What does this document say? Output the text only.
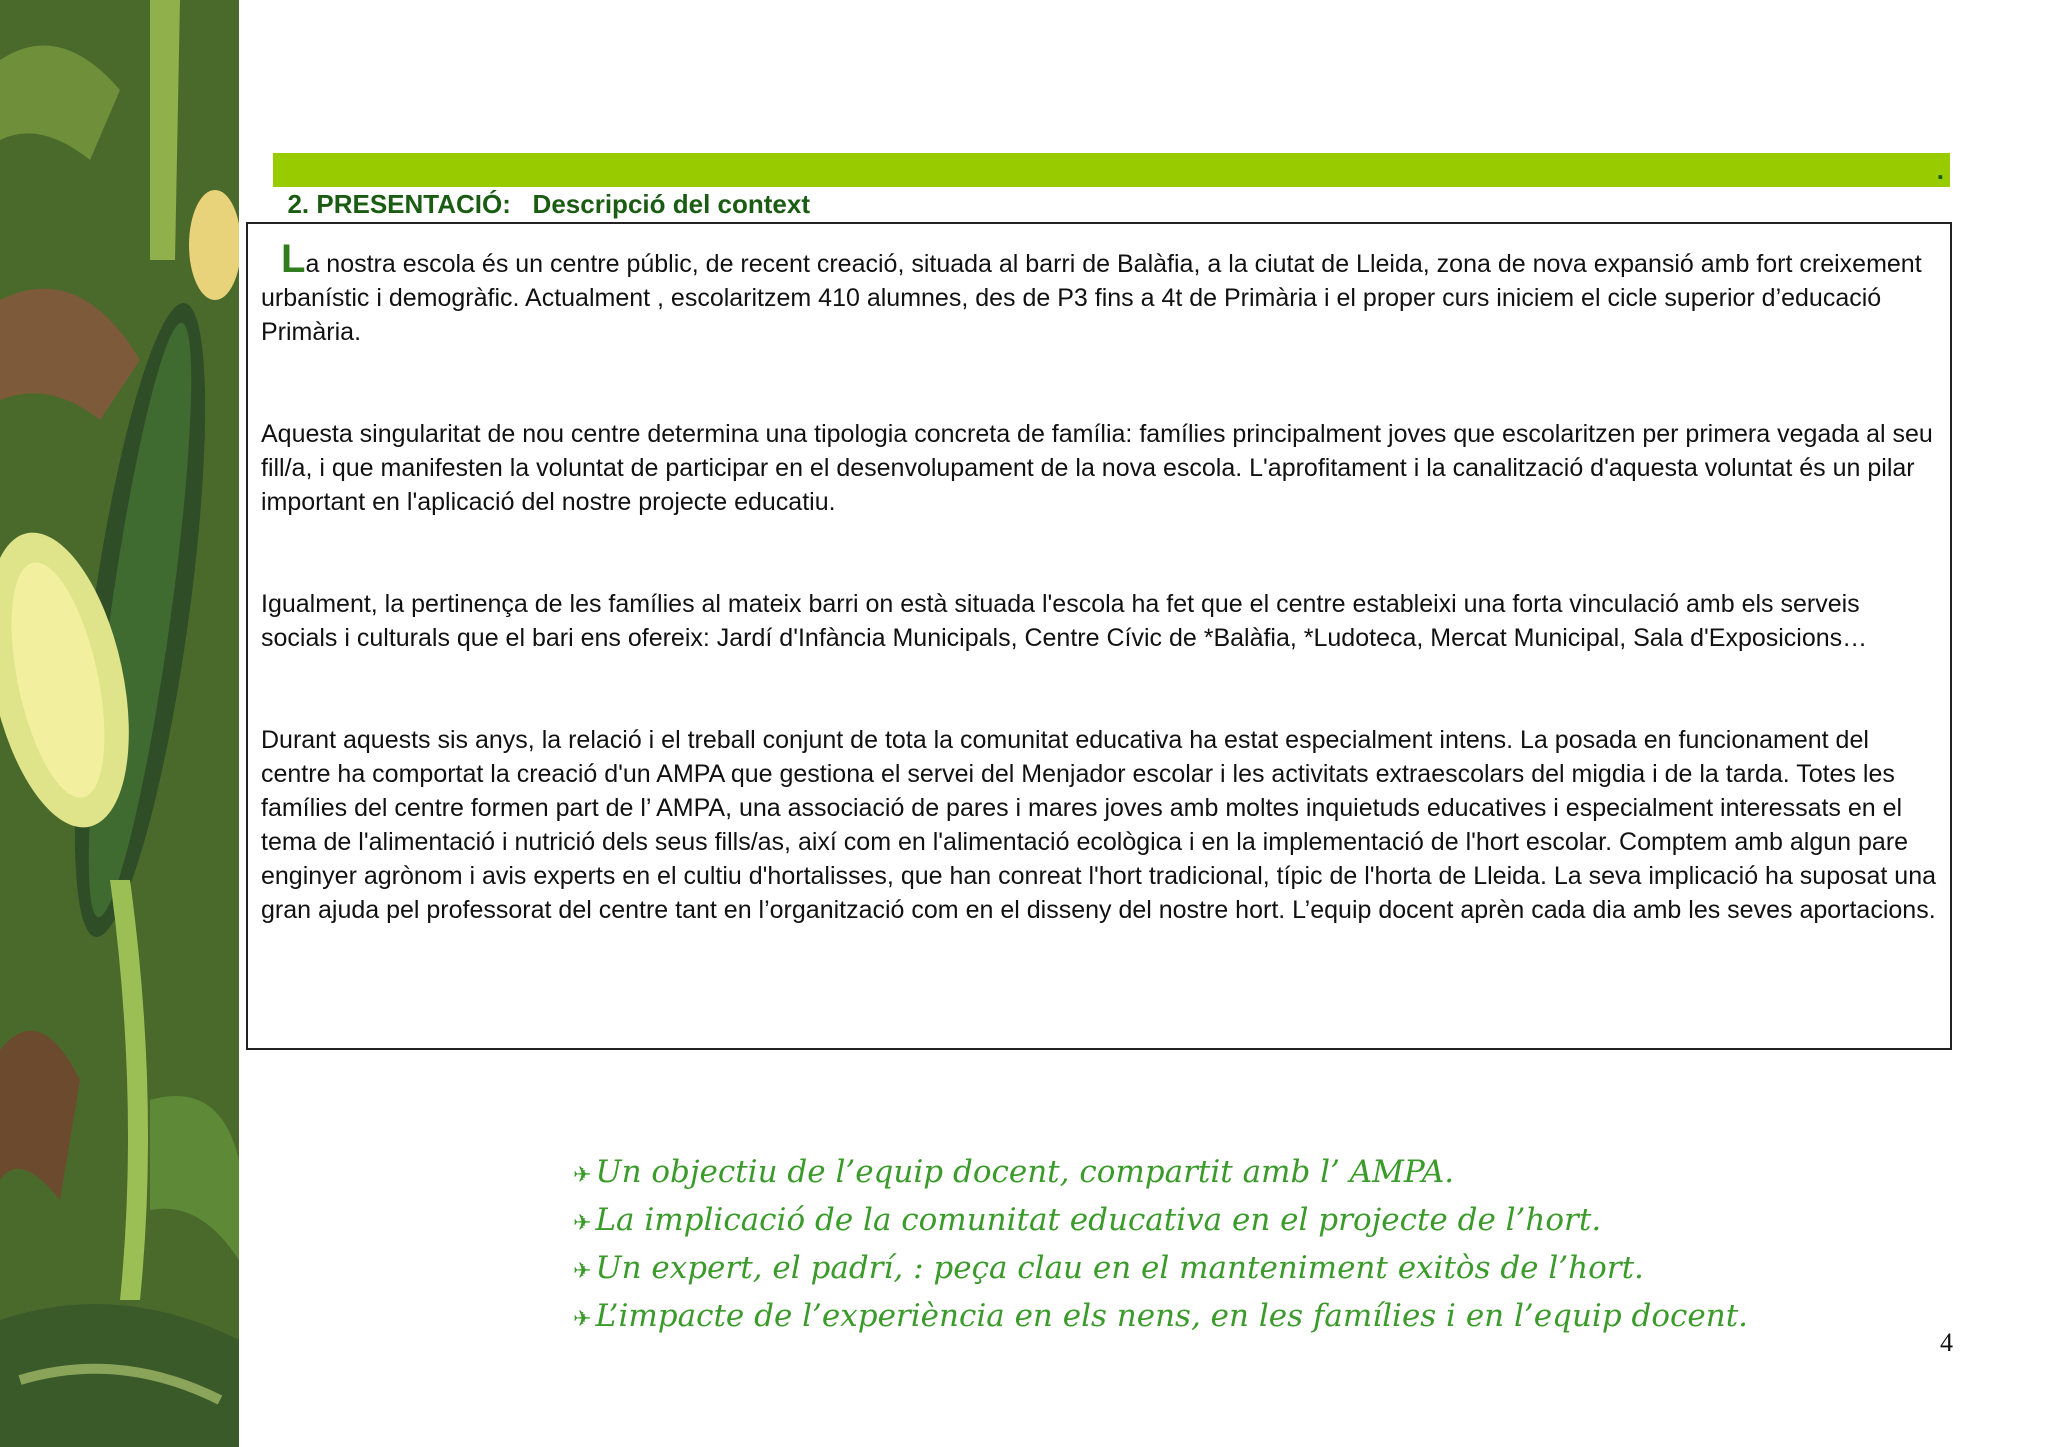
2. PRESENTACIÓ:   Descripció del context

.

La nostra escola és un centre públic, de recent creació, situada al barri de Balàfia, a la ciutat de Lleida, zona de nova expansió amb fort creixement urbanístic i demogràfic. Actualment , escolaritzem 410 alumnes, des de P3 fins a 4t de Primària i el proper curs iniciem el cicle superior d’educació Primària.

Aquesta singularitat de nou centre determina una tipologia concreta de família: famílies principalment joves que escolaritzen per primera vegada al seu fill/a, i que manifesten la voluntat de participar en el desenvolupament de la nova escola. L'aprofitament i la canalització d'aquesta voluntat és un pilar important en l'aplicació del nostre projecte educatiu.

Igualment, la pertinença de les famílies al mateix barri on està situada l'escola ha fet que el centre estableixi una forta vinculació amb els serveis socials i culturals que el bari ens ofereix: Jardí d'Infància Municipals, Centre Cívic de *Balàfia, *Ludoteca, Mercat Municipal, Sala d'Exposicions…

Durant aquests sis anys, la relació i el treball conjunt de tota la comunitat educativa ha estat especialment intens. La posada en funcionament del centre ha comportat la creació d'un AMPA que gestiona el servei del Menjador escolar i les activitats extraescolars del migdia i de la tarda. Totes les famílies del centre formen part de l’ AMPA, una associació de pares i mares joves amb moltes inquietuds educatives i especialment interessats en el tema de l'alimentació i nutrició dels seus fills/as, així com en l'alimentació ecològica i en la implementació de l'hort escolar. Comptem amb algun pare enginyer agrònom i avis experts en el cultiu d'hortalisses, que han conreat l'hort tradicional, típic de l'horta de Lleida. La seva implicació ha suposat una gran ajuda pel professorat del centre tant en l’organització com en el disseny del nostre hort. L’equip docent aprèn cada dia amb les seves aportacions.

✈ Un objectiu de l’equip docent, compartit amb l’ AMPA.
✈ La implicació de la comunitat educativa en el projecte de l’hort.
✈ Un expert, el padrí, : peça clau en el manteniment exitòs de l’hort.
✈ L’impacte de l’experiència en els nens, en les famílies i en l’equip docent.
4
